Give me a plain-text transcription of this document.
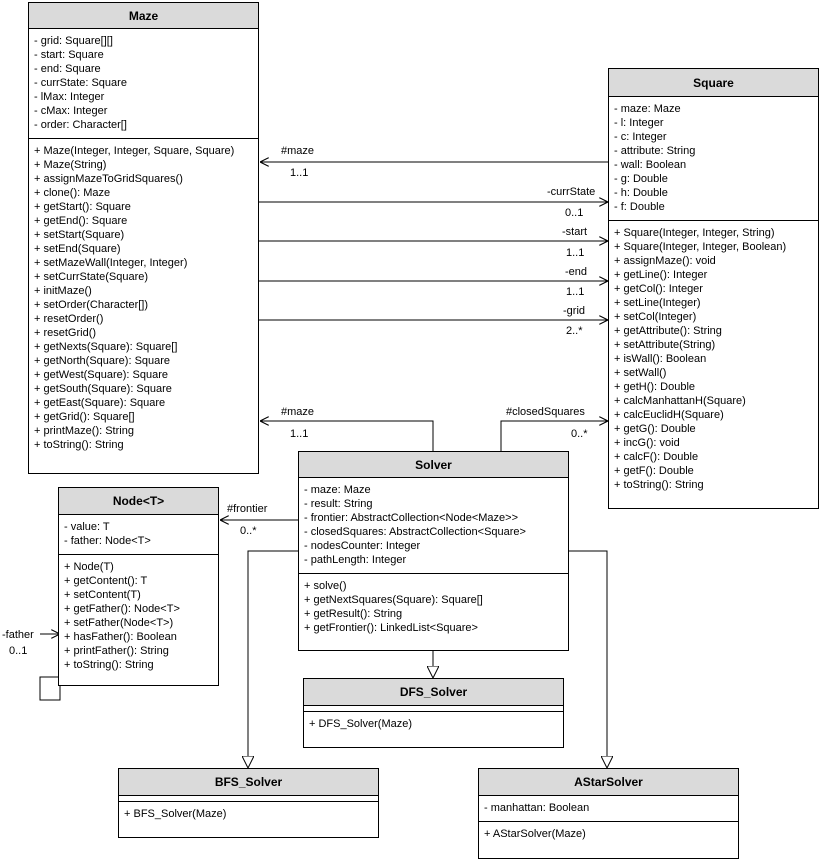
Maze
- grid: Square[][]
- start: Square
- end: Square
- currState: Square
- lMax: Integer
- cMax: Integer
- order: Character[]
+ Maze(Integer, Integer, Square, Square)
+ Maze(String)
+ assignMazeToGridSquares()
+ clone(): Maze
+ getStart(): Square
+ getEnd(): Square
+ setStart(Square)
+ setEnd(Square)
+ setMazeWall(Integer, Integer)
+ setCurrState(Square)
+ initMaze()
+ setOrder(Character[])
+ resetOrder()
+ resetGrid()
+ getNexts(Square): Square[]
+ getNorth(Square): Square
+ getWest(Square): Square
+ getSouth(Square): Square
+ getEast(Square): Square
+ getGrid(): Square[]
+ printMaze(): String
+ toString(): String
Square
- maze: Maze
- l: Integer
- c: Integer
- attribute: String
- wall: Boolean
- g: Double
- h: Double
- f: Double
+ Square(Integer, Integer, String)
+ Square(Integer, Integer, Boolean)
+ assignMaze(): void
+ getLine(): Integer
+ getCol(): Integer
+ setLine(Integer)
+ setCol(Integer)
+ getAttribute(): String
+ setAttribute(String)
+ isWall(): Boolean
+ setWall()
+ getH(): Double
+ calcManhattanH(Square)
+ calcEuclidH(Square)
+ getG(): Double
+ incG(): void
+ calcF(): Double
+ getF(): Double
+ toString(): String
Solver
- maze: Maze
- result: String
- frontier: AbstractCollection<Node<Maze>>
- closedSquares: AbstractCollection<Square>
- nodesCounter: Integer
- pathLength: Integer
+ solve()
+ getNextSquares(Square): Square[]
+ getResult(): String
+ getFrontier(): LinkedList<Square>
Node<T>
- value: T
- father: Node<T>
+ Node(T)
+ getContent(): T
+ setContent(T)
+ getFather(): Node<T>
+ setFather(Node<T>)
+ hasFather(): Boolean
+ printFather(): String
+ toString(): String
DFS_Solver
+ DFS_Solver(Maze)
BFS_Solver
+ BFS_Solver(Maze)
AStarSolver
- manhattan: Boolean
+ AStarSolver(Maze)
#maze
1..1
-currState
0..1
-start
1..1
-end
1..1
-grid
2..*
#maze
1..1
#closedSquares
0..*
#frontier
0..*
-father
0..1
